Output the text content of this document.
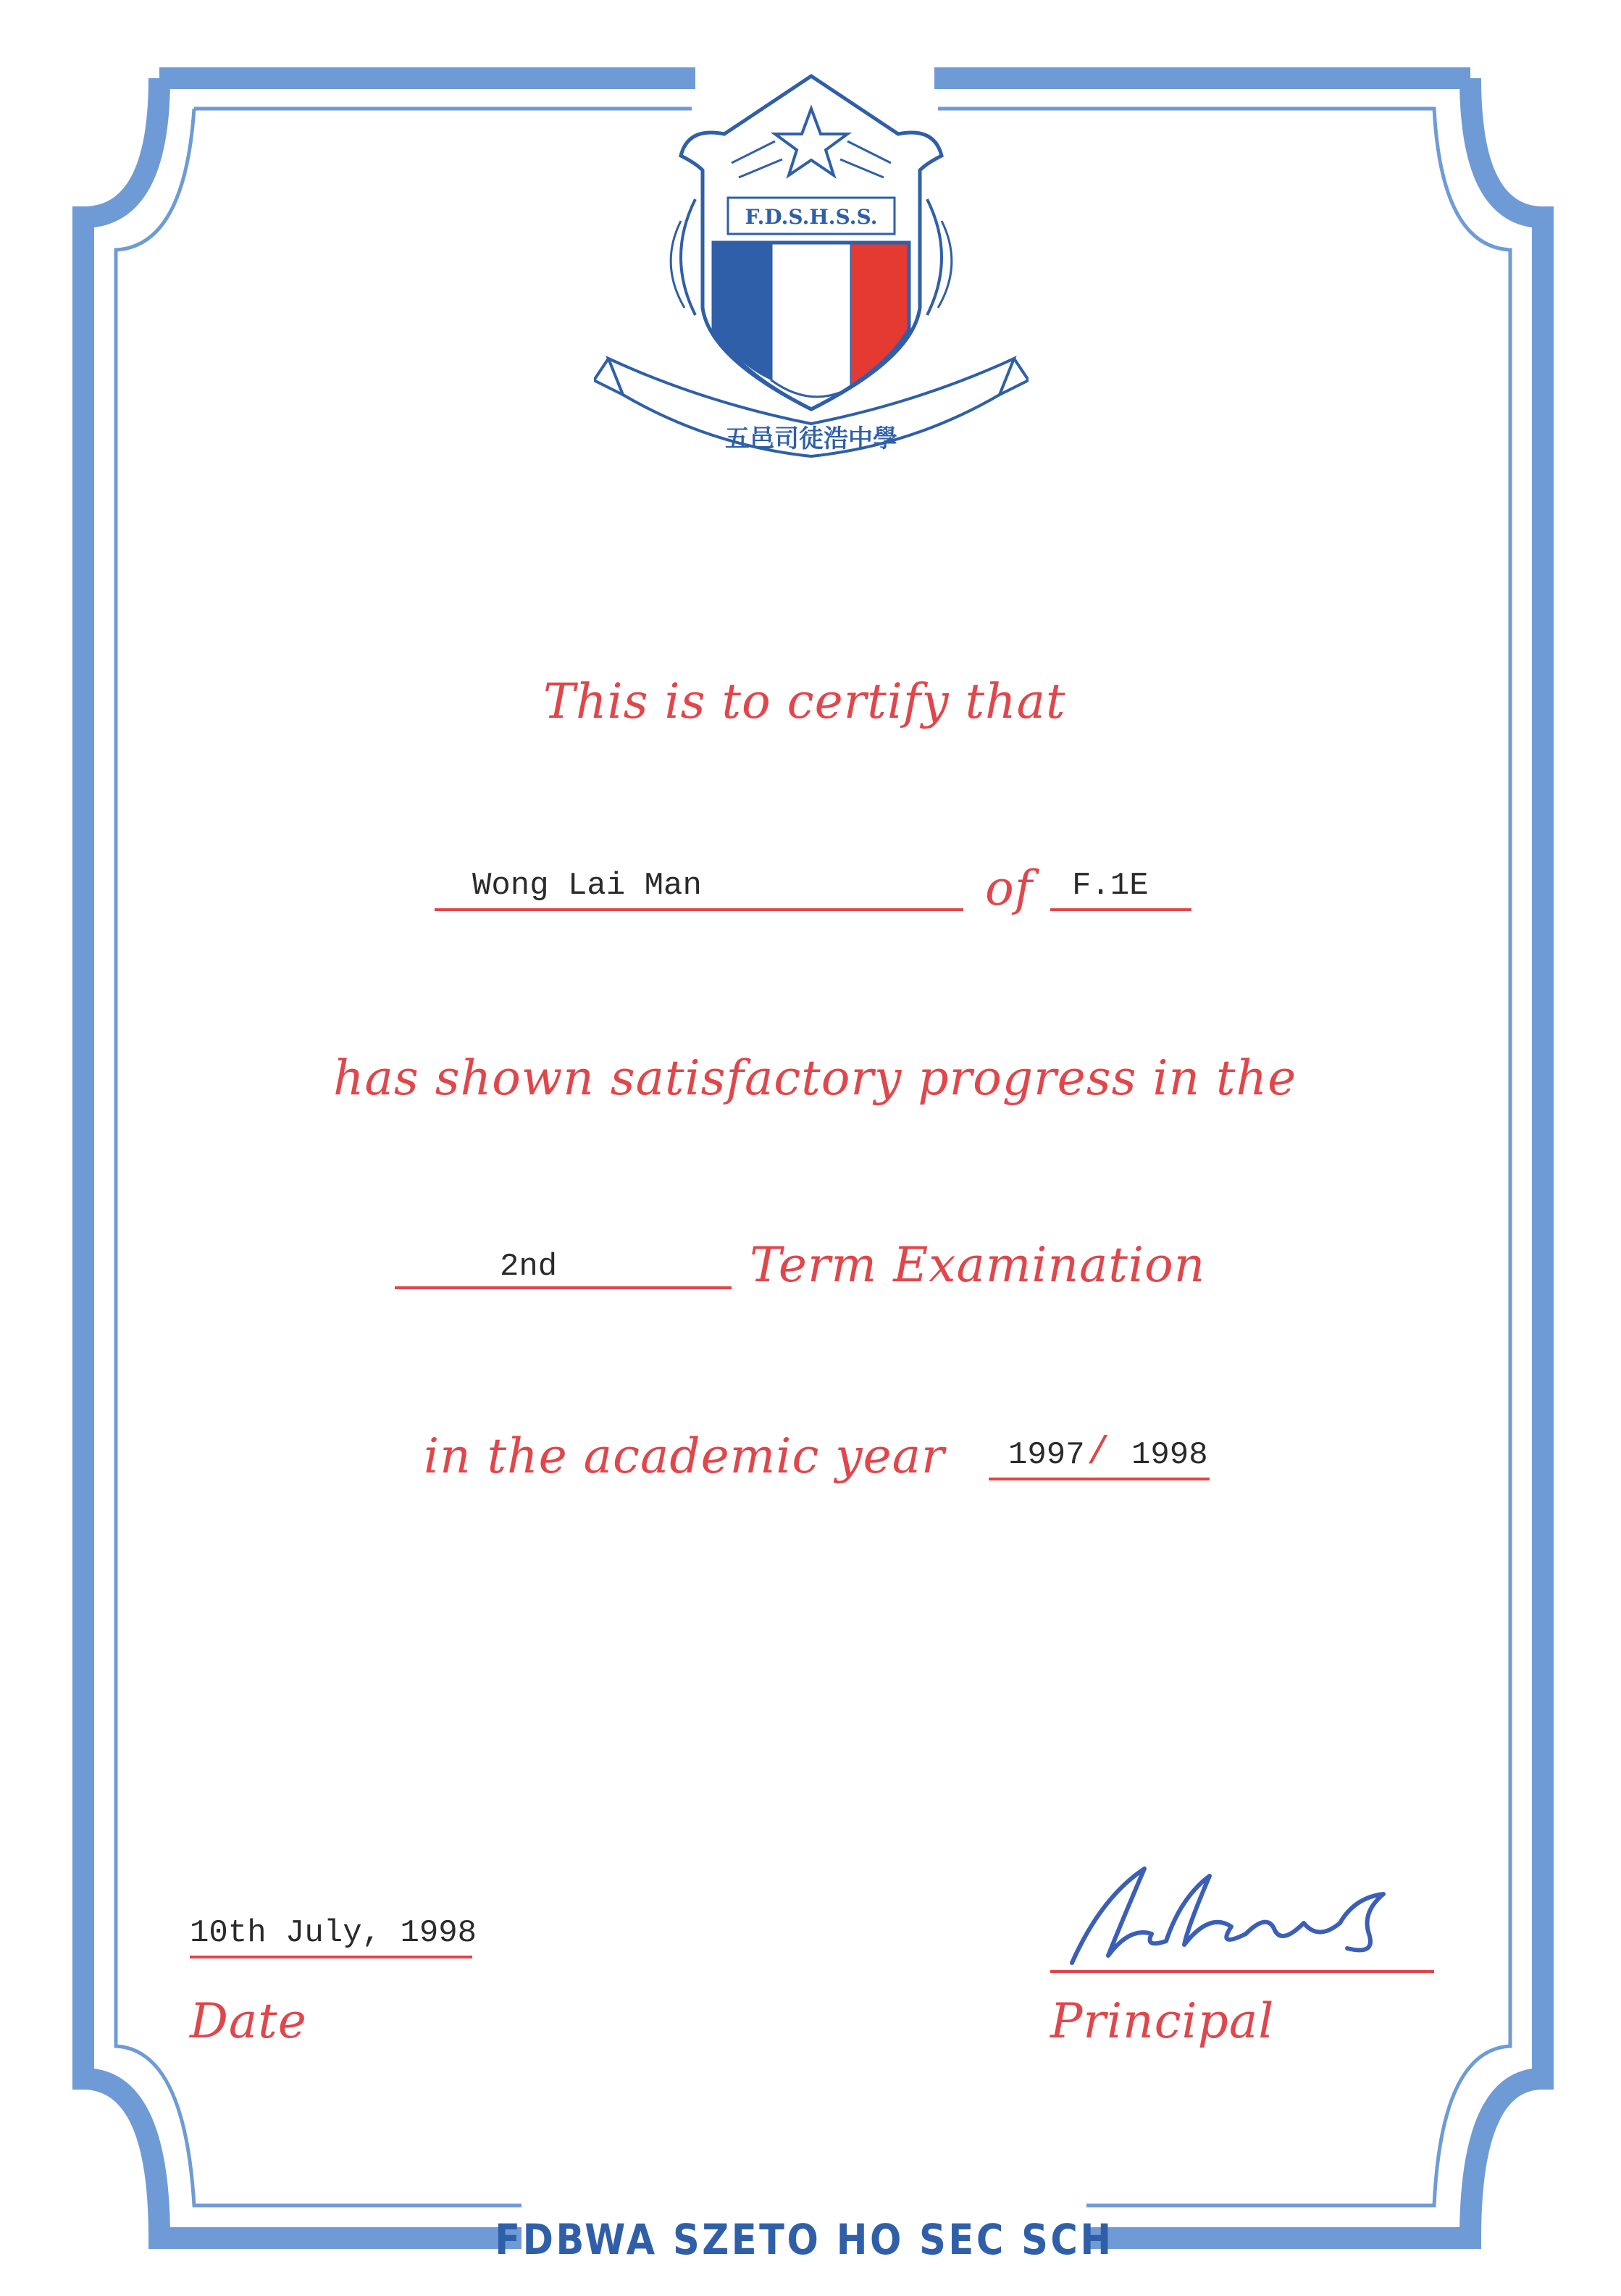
F.D.S.H.S.S.
五邑司徒浩中學
This is to certify that
Wong Lai Man	of F.1E
has shown satisfactory progress in the
2nd	Term Examination
in the academic year 1997 / 1998
10th July, 1998
Date	Principal
FDBWA SZETO HO SEC SCH
